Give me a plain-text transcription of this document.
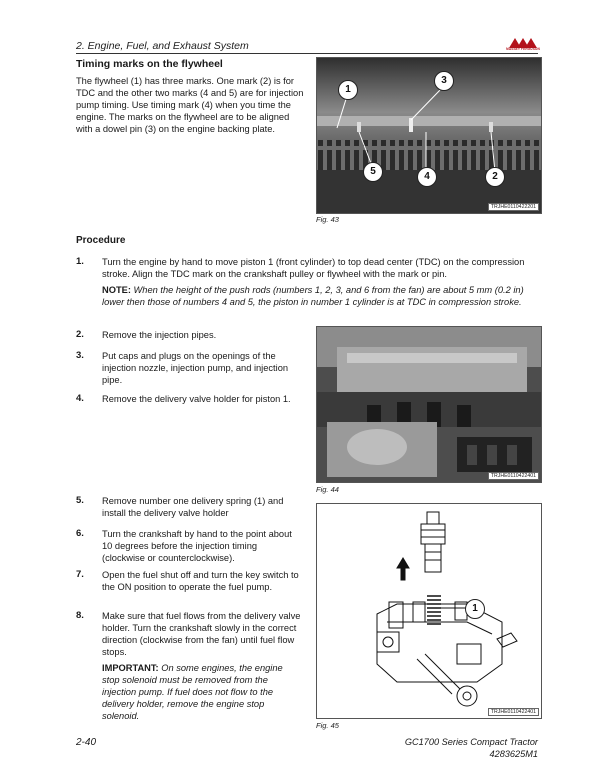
2. Engine, Fuel, and Exhaust System	MASSEY FERGUSON
Timing marks on the flywheel
The flywheel (1) has three marks. One mark (2) is for TDC and the other two marks (4 and 5) are for injection pump timing. Use timing mark (4) when you time the engine. The marks on the flywheel are to be aligned with a dowel pin (3) on the engine backing plate.
1
3
5	4	2
TRJHE0110422201
Fig. 43
Procedure
1. Turn the engine by hand to move piston 1 (front cylinder) to top dead center (TDC) on the compression stroke. Align the TDC mark on the crankshaft pulley or flywheel with the mark or pin.
NOTE: When the height of the push rods (numbers 1, 2, 3, and 6 from the fan) are about 5 mm (0.2 in) lower then those of numbers 4 and 5, the piston in number 1 cylinder is at TDC in compression stroke.
2. Remove the injection pipes.
3. Put caps and plugs on the openings of the injection nozzle, injection pump, and injection pipe.
4. Remove the delivery valve holder for piston 1.
TRJHE0110422401
Fig. 44
5. Remove number one delivery spring (1) and install the delivery valve holder
6. Turn the crankshaft by hand to the point about 10 degrees before the injection timing (clockwise or counterclockwise).
7. Open the fuel shut off and turn the key switch to the ON position to operate the fuel pump.
8. Make sure that fuel flows from the delivery valve holder. Turn the crankshaft slowly in the correct direction (clockwise from the fan) until fuel flow stops.
IMPORTANT: On some engines, the engine stop solenoid must be removed from the injection pump. If fuel does not flow to the delivery holder, remove the engine stop solenoid.
1
TRJHE0110422401
Fig. 45
2-40	GC1700 Series Compact Tractor
4283625M1
